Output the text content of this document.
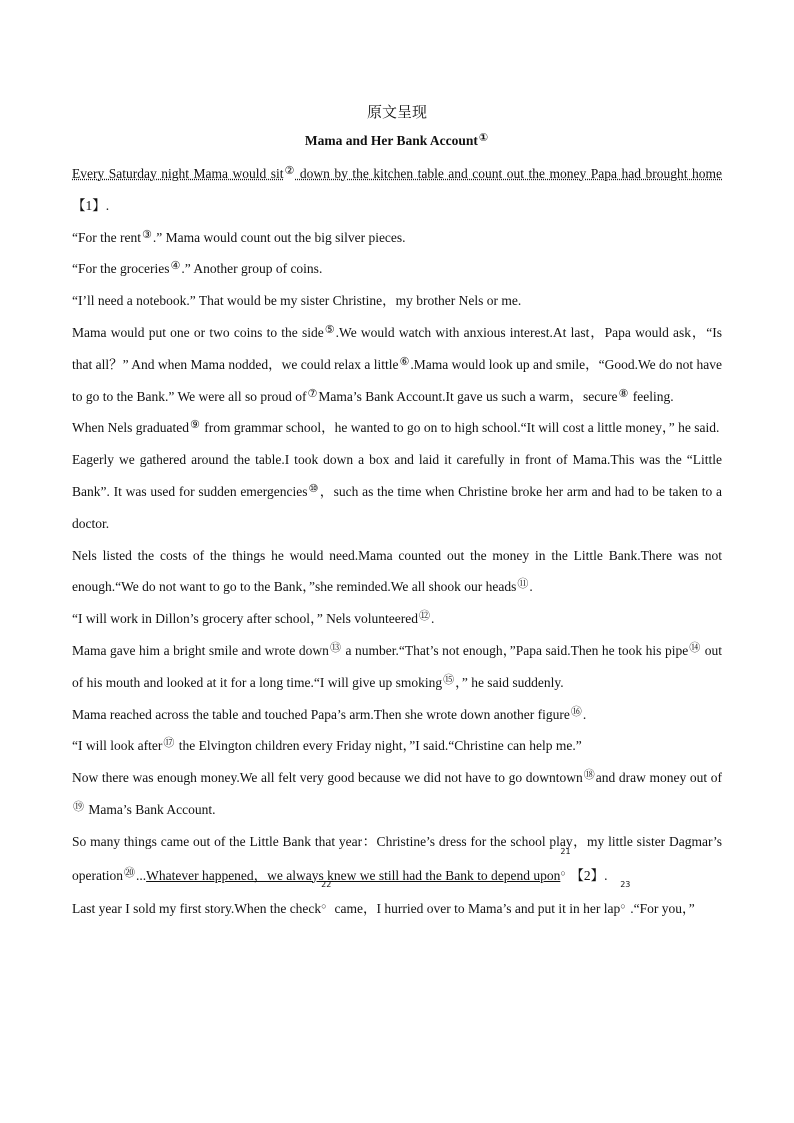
原文呈现
Mama and Her Bank Account①

Every Saturday night Mama would sit② down by the kitchen table and count out the money Papa had brought home【1】.

“For the rent③.” Mama would count out the big silver pieces.

“For the groceries④.” Another group of coins.

“I’ll need a notebook.” That would be my sister Christine，my brother Nels or me.

Mama would put one or two coins to the side⑤.We would watch with anxious interest.At last，Papa would ask，“Is that all？” And when Mama nodded，we could relax a little⑥.Mama would look up and smile，“Good.We do not have to go to the Bank.” We were all so proud of⑦Mama’s Bank Account.It gave us such a warm，secure⑧ feeling.

When Nels graduated⑨ from grammar school，he wanted to go on to high school.“It will cost a little money，” he said.

Eagerly we gathered around the table.I took down a box and laid it carefully in front of Mama.This was the “Little Bank”. It was used for sudden emergencies⑩，such as the time when Christine broke her arm and had to be taken to a doctor.

Nels listed the costs of the things he would need.Mama counted out the money in the Little Bank.There was not enough.“We do not want to go to the Bank，”she reminded.We all shook our heads⑪.

“I will work in Dillon’s grocery after school，” Nels volunteered⑫.

Mama gave him a bright smile and wrote down⑬ a number.“That’s not enough，”Papa said.Then he took his pipe⑭ out of his mouth and looked at it for a long time.“I will give up smoking⑮，” he said suddenly.

Mama reached across the table and touched Papa’s arm.Then she wrote down another figure⑯.

“I will look after⑰ the Elvington children every Friday night，”I said.“Christine can help me.”

Now there was enough money.We all felt very good because we did not have to go downtown⑱and draw money out of⑲ Mama’s Bank Account.

So many things came out of the Little Bank that year：Christine’s dress for the school play，my little sister Dagmar’s operation⑳...Whatever happened，we always knew we still had the Bank to depend upon
21
○ 【2】.

Last year I sold my first story.When the check
22
○ came，I hurried over to Mama’s and put it in her lap
23
○ .“For you，”
